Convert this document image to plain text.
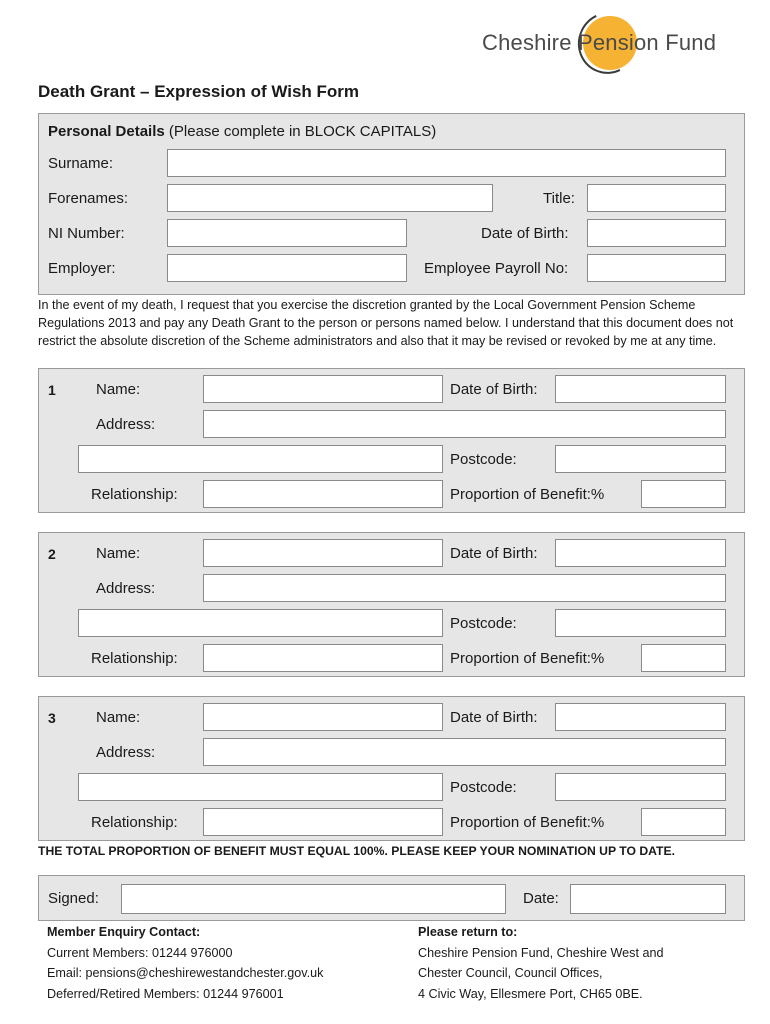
Cheshire Pension Fund
Death Grant – Expression of Wish Form
Personal Details (Please complete in BLOCK CAPITALS)
Surname:
Forenames:	Title:
NI Number:	Date of Birth:
Employer:	Employee Payroll No:
In the event of my death, I request that you exercise the discretion granted by the Local Government Pension Scheme Regulations 2013 and pay any Death Grant to the person or persons named below. I understand that this document does not restrict the absolute discretion of the Scheme administrators and also that it may be revised or revoked by me at any time.
1	Name:	Date of Birth:
Address:
Postcode:
Relationship:	Proportion of Benefit:%
2	Name:	Date of Birth:
Address:
Postcode:
Relationship:	Proportion of Benefit:%
3	Name:	Date of Birth:
Address:
Postcode:
Relationship:	Proportion of Benefit:%
THE TOTAL PROPORTION OF BENEFIT MUST EQUAL 100%. PLEASE KEEP YOUR NOMINATION UP TO DATE.
Signed:	Date:
Member Enquiry Contact:
Current Members: 01244 976000
Email: pensions@cheshirewestandchester.gov.uk
Deferred/Retired Members: 01244 976001
Please return to:
Cheshire Pension Fund, Cheshire West and
Chester Council, Council Offices,
4 Civic Way, Ellesmere Port, CH65 0BE.
